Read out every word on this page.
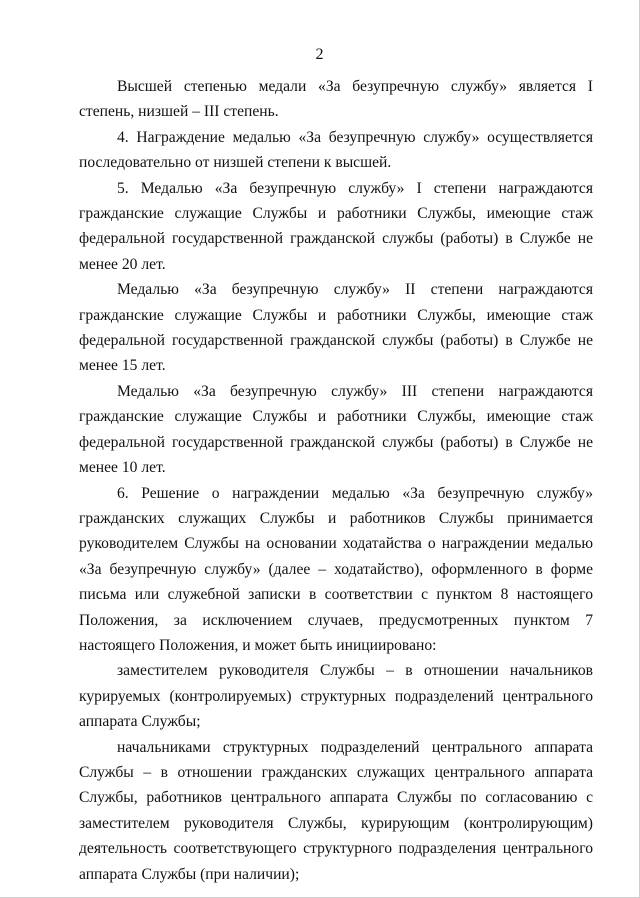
2

Высшей степенью медали «За безупречную службу» является I степень, низшей – III степень.

4. Награждение медалью «За безупречную службу» осуществляется последовательно от низшей степени к высшей.

5. Медалью «За безупречную службу» I степени награждаются гражданские служащие Службы и работники Службы, имеющие стаж федеральной государственной гражданской службы (работы) в Службе не менее 20 лет.

Медалью «За безупречную службу» II степени награждаются гражданские служащие Службы и работники Службы, имеющие стаж федеральной государственной гражданской службы (работы) в Службе не менее 15 лет.

Медалью «За безупречную службу» III степени награждаются гражданские служащие Службы и работники Службы, имеющие стаж федеральной государственной гражданской службы (работы) в Службе не менее 10 лет.

6. Решение о награждении медалью «За безупречную службу» гражданских служащих Службы и работников Службы принимается руководителем Службы на основании ходатайства о награждении медалью «За безупречную службу» (далее – ходатайство), оформленного в форме письма или служебной записки в соответствии с пунктом 8 настоящего Положения, за исключением случаев, предусмотренных пунктом 7 настоящего Положения, и может быть инициировано:

заместителем руководителя Службы – в отношении начальников курируемых (контролируемых) структурных подразделений центрального аппарата Службы;

начальниками структурных подразделений центрального аппарата Службы – в отношении гражданских служащих центрального аппарата Службы, работников центрального аппарата Службы по согласованию с заместителем руководителя Службы, курирующим (контролирующим) деятельность соответствующего структурного подразделения центрального аппарата Службы (при наличии);
